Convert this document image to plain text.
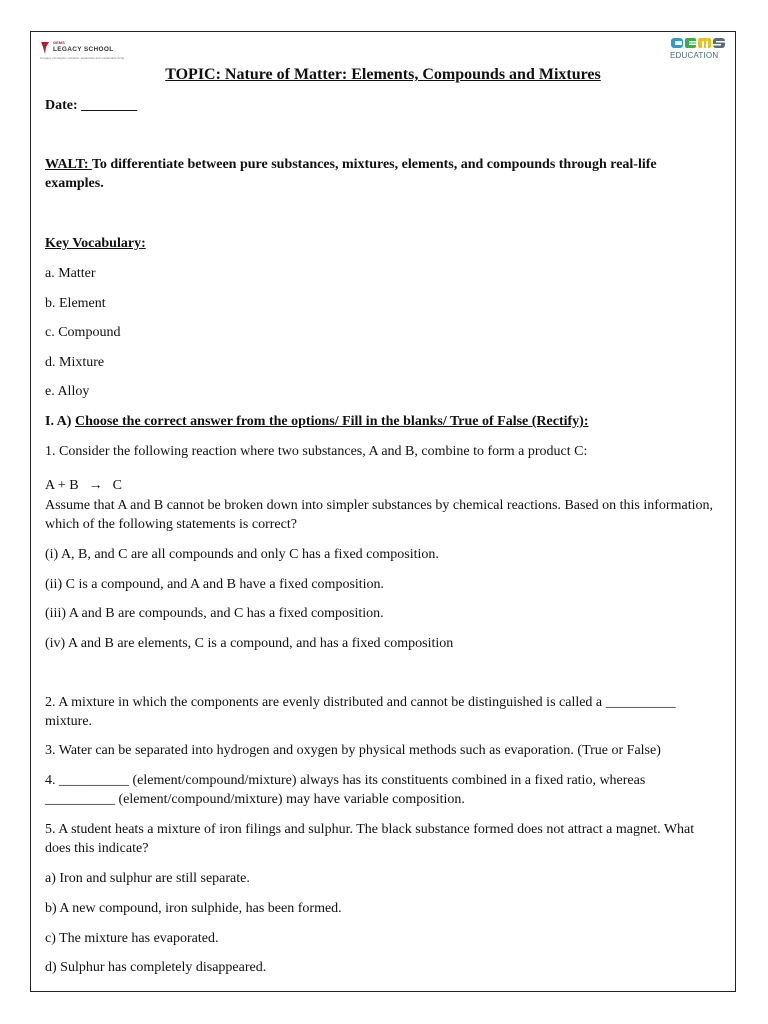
GEMS
LEGACY SCHOOL
A legacy of integrity, inclusion, leadership and sustainable living	EDUCATION
TOPIC: Nature of Matter: Elements, Compounds and Mixtures
Date: ________
WALT: To differentiate between pure substances, mixtures, elements, and compounds through real-life examples.
Key Vocabulary:
a. Matter
b. Element
c. Compound
d. Mixture
e. Alloy
I. A) Choose the correct answer from the options/ Fill in the blanks/ True of False (Rectify):
1. Consider the following reaction where two substances, A and B, combine to form a product C:
A + B → C
Assume that A and B cannot be broken down into simpler substances by chemical reactions. Based on this information, which of the following statements is correct?
(i) A, B, and C are all compounds and only C has a fixed composition.
(ii) C is a compound, and A and B have a fixed composition.
(iii) A and B are compounds, and C has a fixed composition.
(iv) A and B are elements, C is a compound, and has a fixed composition
2. A mixture in which the components are evenly distributed and cannot be distinguished is called a __________ mixture.
3. Water can be separated into hydrogen and oxygen by physical methods such as evaporation. (True or False)
4. __________ (element/compound/mixture) always has its constituents combined in a fixed ratio, whereas __________ (element/compound/mixture) may have variable composition.
5. A student heats a mixture of iron filings and sulphur. The black substance formed does not attract a magnet. What does this indicate?
a) Iron and sulphur are still separate.
b) A new compound, iron sulphide, has been formed.
c) The mixture has evaporated.
d) Sulphur has completely disappeared.
